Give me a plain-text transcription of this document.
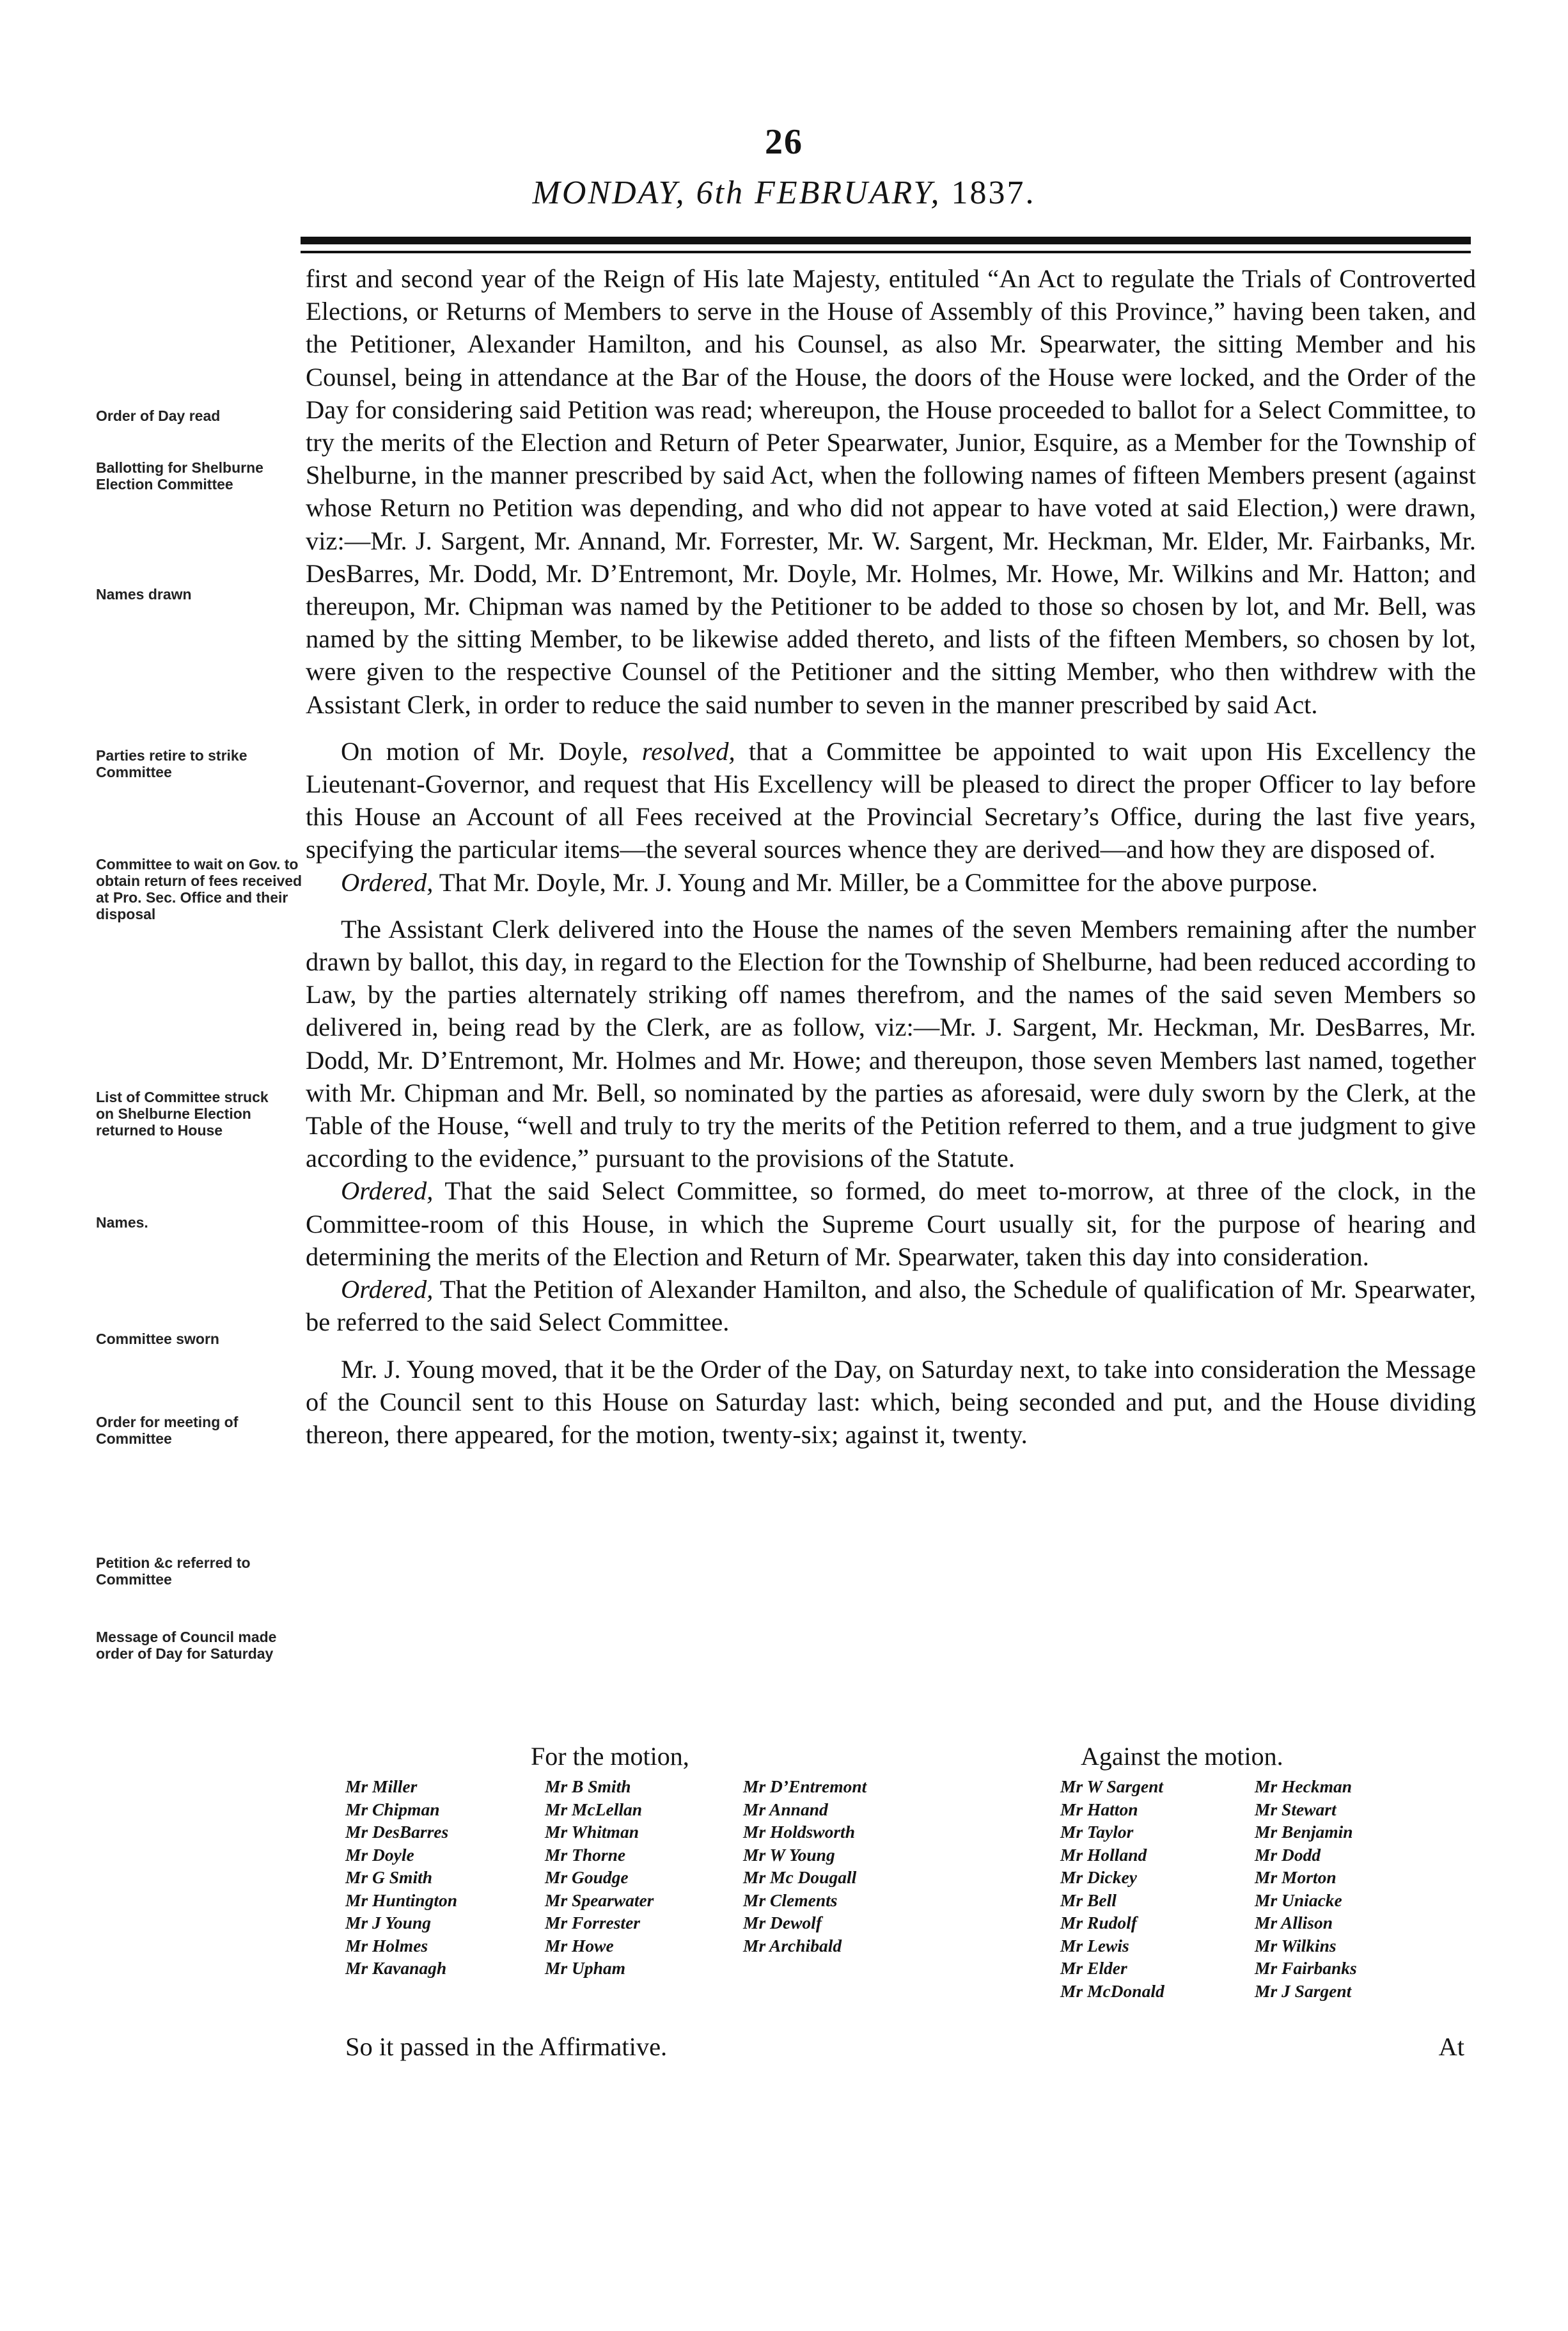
26
MONDAY, 6th FEBRUARY, 1837.
Order of Day read
Ballotting for Shelburne Election Committee
Names drawn
Parties retire to strike Committee
Committee to wait on Gov. to obtain return of fees received at Pro. Sec. Office and their disposal
List of Committee struck on Shelburne Election returned to House
Names.
Committee sworn
Order for meeting of Committee
Petition &c referred to Committee
Message of Council made order of Day for Saturday

first and second year of the Reign of His late Majesty, entituled “An Act to regulate the Trials of Controverted Elections, or Returns of Members to serve in the House of Assembly of this Province,” having been taken, and the Petitioner, Alexander Hamilton, and his Counsel, as also Mr. Spearwater, the sitting Member and his Counsel, being in attendance at the Bar of the House, the doors of the House were locked, and the Order of the Day for considering said Petition was read; whereupon, the House proceeded to ballot for a Select Committee, to try the merits of the Election and Return of Peter Spearwater, Junior, Esquire, as a Member for the Township of Shelburne, in the manner prescribed by said Act, when the following names of fifteen Members present (against whose Return no Petition was depending, and who did not appear to have voted at said Election,) were drawn, viz:—Mr. J. Sargent, Mr. Annand, Mr. Forrester, Mr. W. Sargent, Mr. Heckman, Mr. Elder, Mr. Fairbanks, Mr. DesBarres, Mr. Dodd, Mr. D’Entremont, Mr. Doyle, Mr. Holmes, Mr. Howe, Mr. Wilkins and Mr. Hatton; and thereupon, Mr. Chipman was named by the Petitioner to be added to those so chosen by lot, and Mr. Bell, was named by the sitting Member, to be likewise added thereto, and lists of the fifteen Members, so chosen by lot, were given to the respective Counsel of the Petitioner and the sitting Member, who then withdrew with the Assistant Clerk, in order to reduce the said number to seven in the manner prescribed by said Act.

On motion of Mr. Doyle, resolved, that a Committee be appointed to wait upon His Excellency the Lieutenant-Governor, and request that His Excellency will be pleased to direct the proper Officer to lay before this House an Account of all Fees received at the Provincial Secretary’s Office, during the last five years, specifying the particular items—the several sources whence they are derived—and how they are disposed of.

Ordered, That Mr. Doyle, Mr. J. Young and Mr. Miller, be a Committee for the above purpose.

The Assistant Clerk delivered into the House the names of the seven Members remaining after the number drawn by ballot, this day, in regard to the Election for the Township of Shelburne, had been reduced according to Law, by the parties alternately striking off names therefrom, and the names of the said seven Members so delivered in, being read by the Clerk, are as follow, viz:—Mr. J. Sargent, Mr. Heckman, Mr. DesBarres, Mr. Dodd, Mr. D’Entremont, Mr. Holmes and Mr. Howe; and thereupon, those seven Members last named, together with Mr. Chipman and Mr. Bell, so nominated by the parties as aforesaid, were duly sworn by the Clerk, at the Table of the House, “well and truly to try the merits of the Petition referred to them, and a true judgment to give according to the evidence,” pursuant to the provisions of the Statute.

Ordered, That the said Select Committee, so formed, do meet to-morrow, at three of the clock, in the Committee-room of this House, in which the Supreme Court usually sit, for the purpose of hearing and determining the merits of the Election and Return of Mr. Spearwater, taken this day into consideration.

Ordered, That the Petition of Alexander Hamilton, and also, the Schedule of qualification of Mr. Spearwater, be referred to the said Select Committee.

Mr. J. Young moved, that it be the Order of the Day, on Saturday next, to take into consideration the Message of the Council sent to this House on Saturday last: which, being seconded and put, and the House dividing thereon, there appeared, for the motion, twenty-six; against it, twenty.

For the motion,	Against the motion.
Mr Miller
Mr Chipman
Mr DesBarres
Mr Doyle
Mr G Smith
Mr Huntington
Mr J Young
Mr Holmes
Mr Kavanagh
Mr B Smith
Mr McLellan
Mr Whitman
Mr Thorne
Mr Goudge
Mr Spearwater
Mr Forrester
Mr Howe
Mr Upham
Mr D’Entremont
Mr Annand
Mr Holdsworth
Mr W Young
Mr Mc Dougall
Mr Clements
Mr Dewolf
Mr Archibald
Mr W Sargent
Mr Hatton
Mr Taylor
Mr Holland
Mr Dickey
Mr Bell
Mr Rudolf
Mr Lewis
Mr Elder
Mr McDonald
Mr Heckman
Mr Stewart
Mr Benjamin
Mr Dodd
Mr Morton
Mr Uniacke
Mr Allison
Mr Wilkins
Mr Fairbanks
Mr J Sargent
So it passed in the Affirmative.	At
